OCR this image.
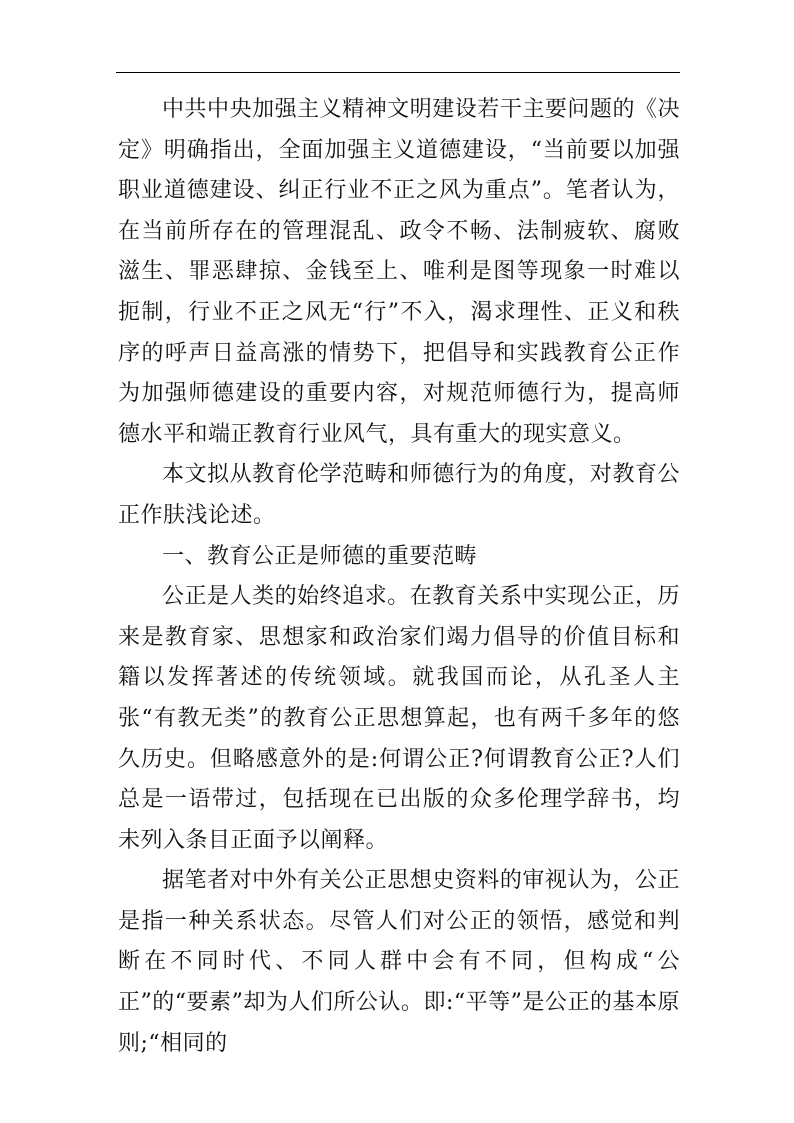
中共中央加强主义精神文明建设若干主要问题的《决定》明确指出，全面加强主义道德建设，“当前要以加强职业道德建设、纠正行业不正之风为重点”。笔者认为，在当前所存在的管理混乱、政令不畅、法制疲软、腐败滋生、罪恶肆掠、金钱至上、唯利是图等现象一时难以扼制，行业不正之风无“行”不入，渴求理性、正义和秩序的呼声日益高涨的情势下，把倡导和实践教育公正作为加强师德建设的重要内容，对规范师德行为，提高师德水平和端正教育行业风气，具有重大的现实意义。

本文拟从教育伦学范畴和师德行为的角度，对教育公正作肤浅论述。

一、教育公正是师德的重要范畴

公正是人类的始终追求。在教育关系中实现公正，历来是教育家、思想家和政治家们竭力倡导的价值目标和籍以发挥著述的传统领域。就我国而论，从孔圣人主张“有教无类”的教育公正思想算起，也有两千多年的悠久历史。但略感意外的是:何谓公正?何谓教育公正?人们总是一语带过，包括现在已出版的众多伦理学辞书，均未列入条目正面予以阐释。

据笔者对中外有关公正思想史资料的审视认为，公正是指一种关系状态。尽管人们对公正的领悟，感觉和判断在不同时代、不同人群中会有不同，但构成“公正”的“要素”却为人们所公认。即:“平等”是公正的基本原则;“相同的
